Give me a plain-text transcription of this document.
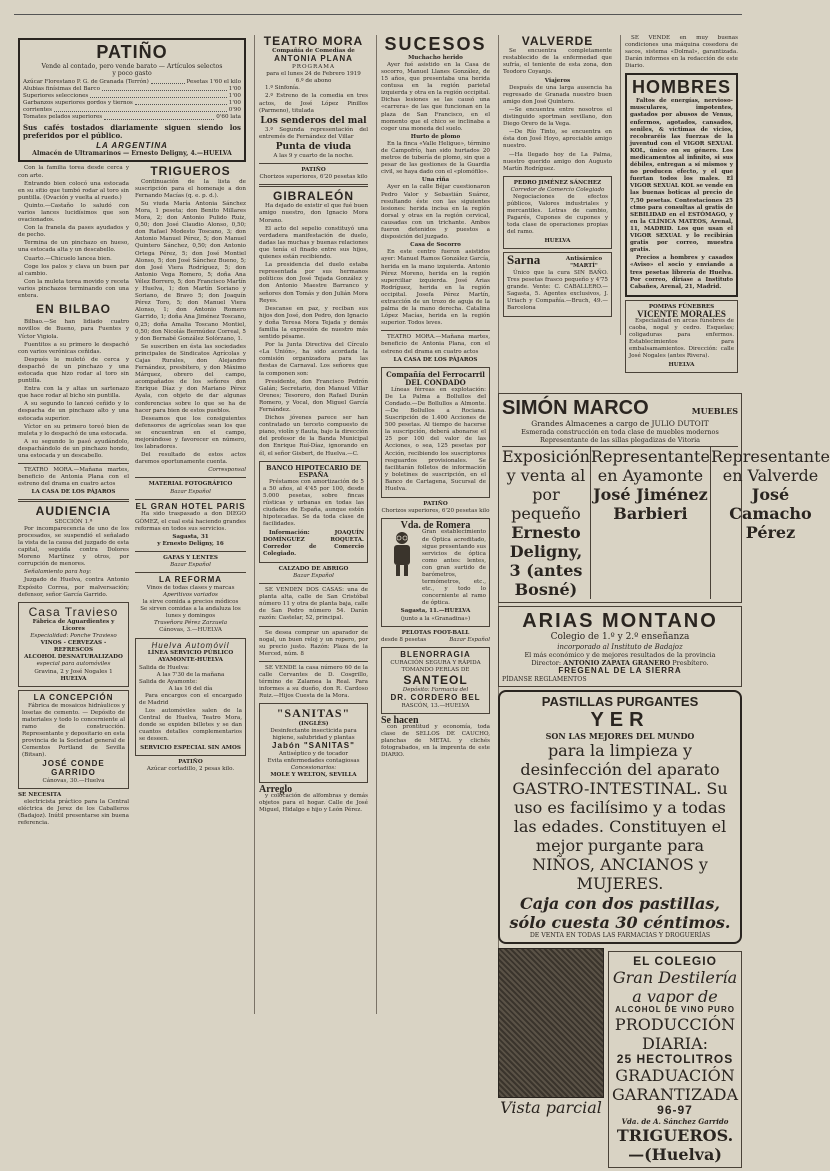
PATIÑO
Vende al contado, pero vende barato — Artículos selectos
y poco gasto
Azúcar Florestano P. G. de Granada (Terrón)	Pesetas 1'60 el kilo
Alubias finísimas del Barco	1'00
Superiores selecciones	1'00
Garbanzos superiores gordos y tiernos	1'00
corrientes	0'90
Tomates pelados superiores	0'60 lata
Sus cafés tostados diariamente siguen siendo los preferidos por el público.
LA ARGENTINA
Almacén de Ultramarinos — Ernesto Deligny, 4.—HUELVA

Con la familia torea desde cerca y con arte.

Entrando bien colocó una estocada en su sitio que tumbó rodar al toro sin puntilla. (Ovación y vuelta al ruedo.)

Quinto.—Castaño lo saludó con varios lances lucidísimos que son ovacionados.

Con la franela da pases ayudados y de pecho.

Termina de un pinchazo en hueso, una estocada alta y un descabello.

Cuarto.—Chicuelo lancea bien.

Coge los palos y clava un buen par al cambio.

Con la muleta torea movido y receta varios pinchazos terminando con una entera.

EN BILBAO

Bilbao.—Se han lidiado cuatro novillos de Bueno, para Fuentes y Víctor Vigiola.

Fuentitos a su primero le despachó con varios verónicas ceñidas.

Después le muletó de cerca y despachó de un pinchazo y una estocada que hizo rodar al toro sin puntilla.

Entra con la y altas un sartenazo que hace rodar al bicho sin puntilla.

A su segundo lo lanceó ceñido y lo despacha de un pinchazo alto y una estocada superior.

Víctor en su primero toreó bien de muleta y lo despachó de una estocada.

A su segundo lo pasó ayudándolo, despachándolo de un pinchazo hondo, una estocada y un descabello.

TEATRO MORA.—Mañana martes, beneficio de Antonia Plana con el estreno del drama en cuatro actos

LA CASA DE LOS PÁJAROS
AUDIENCIA
SECCIÓN 1.ª

Por incomparecencia de uno de los procesados, se suspendió el señalado la vista de la causa del juzgado de esta capital, seguida contra Dolores Moreno Martínez y otros, por corrupción de menores.

Señalamiento para hoy:

Juzgado de Huelva, contra Antonio Expósito Correa, por malversación; defensor, señor García Garrido.

Casa Travieso
Fábrica de Aguardientes y Licores
Especialidad: Ponche Travieso
VINOS - CERVEZAS - REFRESCOS
ALCOHOL DESNATURALIZADO
especial para automóviles
Gravina, 2 y José Nogales 1
HUELVA
LA CONCEPCIÓN

Fábrica de mosaicos hidráulicos y losetas de cemento. — Depósito de materiales y todo lo concerniente al ramo de construcción. Representante y depositario en esta provincia de la Sociedad general de Cementos Portland de Sevilla (Bitsan).

JOSÉ CONDE GARRIDO
Cánovas, 30.—Huelva
SE NECESITA

electricista práctico para la Central eléctrica de Jerez de los Caballeros (Badajoz). Inútil presentarse sin buena referencia.

TRIGUEROS

Continuación de la lista de suscripción para el homenaje a don Fernando Macías (q. e. p. d.).

Su viuda María Antonia Sánchez Mora, 1 peseta; don Benito Millares Mora, 2; don Antonio Pulido Ruiz, 0,50; don José Claudio Alonso, 0,50; don Rafael Modesto Toscano, 3; don Antonio Manuel Pérez, 5; don Manuel Quintero Sánchez, 0,50; don Antonio Ortega Pérez, 5; don José Montiel Alonso, 5; don José Sánchez Bueno, 5; don José Viera Rodríguez, 5; don Antonio Vega Romero, 5; doña Ana Vélez Borrero, 5; don Francisco Martín y Huelva, 1; don Martín Soriano y Soriano, de Bravo 5; don Joaquín Pérez Toro, 5; don Manuel Viera Alonso, 1; don Antonio Romero Garrido, 1; doña Ana Jiménez Toscano, 0,25; doña Amalia Toscano Montiel, 0,50; don Nicolás Bermúdez Correal, 5 y don Bernabé González Solórzano, 1.

Se suscriben en ésta las sociedades principales de Sindicatos Agrícolas y Cajas Rurales, don Alejandro Fernández, presbítero, y don Máximo Márquez, obrero del campo, acompañados de los señores don Enrique Díaz y don Mariano Pérez Ayala, con objeto de dar algunas conferencias sobre lo que se ha de hacer para bien de estos pueblos.

Deseamos que los consiguientes defensores de agrícolas sean los que se encuentran en el campo, mejorándose y favorecer en número, los labradores.

Del resultado de estos actos daremos oportunamente cuenta.

Corresponsal
MATERIAL FOTOGRÁFICO
Bazar Español
EL GRAN HOTEL PARIS

Ha sido traspasado a don DIEGO GÓMEZ, el cual está haciendo grandes reformas en todos sus servicios.

Sagasta, 31
y Ernesto Deligny, 16
GAFAS Y LENTES
Bazar Español
LA REFORMA
Vinos de todas clases y marcas
Aperitivos variados
la sirve comida a precios módicos
Se sirven comidas a la andaluza los lunes y domingos
Traseñora Pérez Zarzuela
Cánovas, 3.—HUELVA
Huelva Automóvil
LÍNEA SERVICIO PÚBLICO AYAMONTE-HUELVA
Salida de Huelva:
A las 7'30 de la mañana
Salida de Ayamonte:
A las 16 del día

Para encargos con el encargado de Madrid

Los automóviles salen de la Central de Huelva, Teatro Mora, donde se expiden billetes y se dan cuantos detalles complementarios se deseen.

SERVICIO ESPECIAL SIN AMOS
PATIÑO
Azúcar cortadillo, 2 pesas kilo.
TEATRO MORA
Compañía de Comedias de
ANTONIA PLANA
PROGRAMA
para el lunes 24 de Febrero 1919
6.º de abono

1.º Sinfonía.

2.º Estreno de la comedia en tres actos, de José López Pinillos (Parmeno), titulada

Los senderos del mal

3.º Segunda representación del entremés de Fernández del Villar

Punta de viuda
A las 9 y cuarto de la noche.
PATIÑO
Chorizos superiores, 6'20 pesetas kilo
GIBRALEÓN

Ha dejado de existir el que fué buen amigo nuestro, don Ignacio Mora Morano.

El acto del sepelio constituyó una verdadera manifestación de duelo, dadas las muchas y buenas relaciones que tenía el finado entre sus hijos, quienes están recibiendo.

La presidencia del duelo estaba representada por sus hermanos políticos don José Tejada González y don Antonio Maestre Barranco y señores don Tomás y don Julián Mora Reyes.

Descanse en paz, y reciban sus hijos don José, don Pedro, don Ignacio y doña Teresa Mora Tejada y demás familia la expresión de nuestro más sentido pésame.

Por la Junta Directiva del Círculo «La Unión», ha sido acordada la comisión organizadora para las fiestas de Carnaval. Los señores que la componen son:

Presidente, don Francisco Pedrón Galán; Secretario, don Manuel Villar Orenes; Tesorero, don Rafael Durán Romero, y Vocal, don Miguel García Fernández.

Dichos jóvenes parece ser han contratado un terceto compuesto de piano, violín y flauta, bajo la dirección del profesor de la Banda Municipal don Enrique Ruí-Díaz, ignorando en él, el señor Gisbert, de Huelva.—C.

BANCO HIPOTECARIO DE ESPAÑA

Préstamos con amortización de 5 a 50 años, al 4'45 por 100, desde 5.000 pesetas, sobre fincas rústicas y urbanas en todas las ciudades de España, aunque estén hipotecadas. Se da toda clase de facilidades.

Información: JOAQUÍN DOMÍNGUEZ ROQUETA. Corredor de Comercio Colegiado.

CALZADO DE ABRIGO
Bazar Español

SE VENDEN DOS CASAS: una de planta alta, calle de San Cristóbal número 11 y otra de planta baja, calle de San Pedro número 54. Darán razón: Castelar, 52, principal.

Se desea comprar un aparador de nogal, un buen reloj y un ropero, por su precio justo. Razón: Plaza de la Merced, núm. 8

SE VENDE la casa número 60 de la calle Cervantes de D. Cosgrillo, término de Zalamea la Real. Para informes a su dueño, don R. Cardoso Ruiz.—Hijos Cuesta de la Mora.

"SANITAS"
(INGLÉS)
Desinfectante insecticida para higiene, salubridad y plantas
Jabón "SANITAS"
Antiséptico y de tocador
Evita enfermedades contagiosas
Concesionarios:
MOLE Y WELTON, SEVILLA
Arreglo

y colocación de alfombras y demás objetos para el hogar. Calle de José Miguel, Hidalgo e hijo y León Pérez.

SUCESOS
Muchacho herido

Ayer fué asistido en la Casa de socorro, Manuel Llanes González, de 15 años, que presentaba una herida contusa en la región parietal izquierda y otra en la región occipital. Dichas lesiones se las causó una «carrera» de las que funcionan en la plaza de San Francisco, en el momento que el chico se inclinaba a coger una moneda del suelo.

Hurto de plomo

En la finca «Valle Heligue», término de Campofrío, han sido hurtados 20 metros de tubería de plomo, sin que a pesar de las gestiones de la Guardia civil, se haya dado con el «plomófilo».

Una riña

Ayer en la calle Béjar cuestionaron Pedro Valor y Sebastián Suárez, resultando éste con las siguientes lesiones: herida incisa en la región dorsal y otras en la región cervical, causadas con un trichante. Ambos fueron detenidos y puestos a disposición del juzgado.

Casa de Socorro

En este centro fueron asistidos ayer: Manuel Ramos González García, herida en la mano izquierda. Antonio Pérez Moreno, herida en la región superciliar izquierda. José Arias Rodríguez, herida en la región occipital. Josefa Pérez Martín, extracción de un trozo de aguja de la palma de la mano derecha. Catalina López Macías, herida en la región superior. Todos leves.

TEATRO MORA.—Mañana martes, beneficio de Antonia Plana, con el estreno del drama en cuatro actos

LA CASA DE LOS PÁJAROS
Compañía del Ferrocarril DEL CONDADO

Líneas férreas en explotación: De La Palma a Bollullos del Condado.—De Bollullos a Almonte.—De Bollullos a Rociana. Suscripción de 1.400 Acciones de 500 pesetas. Al tiempo de hacerse la suscripción, deberá abonarse el 25 por 100 del valor de las Acciones, o sea, 125 pesetas por Acción, recibiendo los suscriptores resguardos provisionales. Se facilitarán folletos de información y boletines de suscripción, en el Banco de Cartagena, Sucursal de Huelva.

PATIÑO
Chorizos superiores, 6'20 pesetas kilo
Vda. de Romera

Gran establecimiento de Óptica acreditado, sigue presentando sus servicios de óptica como antes: lentes, con gran surtido de barómetros, termómetros, etc., etc., y todo lo concerniente al ramo de óptica.

Sagasta, 11.—HUELVA
(junto a la «Granadina»)
PELOTAS FOOT-BALL
desde 8 pesetas	Bazar Español
BLENORRAGIA
CURACIÓN SEGURA Y RÁPIDA TOMANDO PERLAS DE
SANTEOL
Depósito: Farmacia del
DR. CORDERO BEL
RASCÓN, 13.—HUELVA
Se hacen

con prontitud y economía, toda clase de SELLOS DE CAUCHO, planchas de METAL y clichés fotograbados, en la imprenta de este DIARIO.

VALVERDE

Se encuentra completamente restablecido de la enfermedad que sufría, el teniente de esta zona, don Teodoro Coyanjo.

Viajeros

Después de una larga ausencia ha regresado de Granada nuestro buen amigo don José Quintero.

—Se encuentra entre nosotros el distinguido sportman sevillano, don Diego Orero de la Vega.

—De Río Tinto, se encuentra en ésta don José Hoyo, apreciable amigo nuestro.

—Ha llegado hoy de La Palma, nuestro querido amigo don Augusto Martín Rodríguez.

PEDRO JIMÉNEZ SÁNCHEZ
Corredor de Comercio Colegiado

Negociaciones de efectos públicos, Valores industriales y mercantiles. Letras de cambio, Pagarés, Cupones de cupones y toda clase de operaciones propias del ramo.

HUELVA
Sarna	Antisárnico "MARTÍ"

Único que la cura SIN BAÑO. Tres pesetas frasco pequeño y 4'75 grande. Vente: C. CABALLERO.—Sagasta, 5. Agentes exclusivos, J. Uriach y Compañía.—Bruch, 49.—Barcelona

SE VENDE en muy buenas condiciones una máquina cosedora de sacos, sistema «Dolmal», garantizada. Darán informes en la redacción de este Diario.

HOMBRES

Faltos de energías, nervioso-musculares, impotentes, gastados por abusos de Venus, enfermos, agotados, cansados, seniles, & víctimas de vicios, recobraréis las fuerzas de la juventud con el VIGOR SEXUAL KOL, único en su género. Los medicamentos al infinito, si sus débiles, entregan a sí mismos y no producen efecto, y el que fuertan todos los males. El VIGOR SEXUAL KOL se vende en las buenas boticas al precio de 7,50 pesetas. Contestaciones 25 ctmo para consultas al gratis de SEBILIDAD en el ESTÓMAGO, y en la CLÍNICA MATEOS, Arenal, 11, MADRID. Los que usan el VIGOR SEXUAL y lo recibirán gratis por correo, muestra gratis.

Precios a hombres y casados «Aviso» el socio y enviando a tres pesetas librería de Huelva. Por correo, diríase a Instituto Cabañes, Arenal, 21, Madrid.

POMPAS FÚNEBRES
VICENTE MORALES

Especialidad en arcas fúnebres de caoba, nogal y cedro. Esquelas; coligaduras para enfermos. Establecimientos para embalsamamientos. Dirección: calle José Nogales (antes Rivera).

HUELVA
SIMÓN MARCO	MUEBLES
Grandes Almacenes a cargo de JULIO DUTOIT
Esmerada construcción en toda clase de muebles modernos
Representante de las sillas plegadizas de Vitoria
Exposición y venta al por pequeño
Ernesto Deligny, 3 (antes Bosné)
Representante en Ayamonte
José Jiménez Barbieri
Representante en Valverde
José Camacho Pérez
ARIAS MONTANO
Colegio de 1.º y 2.º enseñanza
incorporado al Instituto de Badajoz
El más económico y de mejores resultados de la provincia
Director: ANTONIO ZAPATA GRANERO Presbítero.
FREGENAL DE LA SIERRA
PÍDANSE REGLAMENTOS
PASTILLAS PURGANTES
YER
SON LAS MEJORES DEL MUNDO

para la limpieza y desinfección del aparato GASTRO-INTESTINAL. Su uso es facilísimo y a todas las edades. Constituyen el mejor purgante para NIÑOS, ANCIANOS y MUJERES.

Caja con dos pastillas, sólo cuesta 30 céntimos.
DE VENTA EN TODAS LAS FARMACIAS Y DROGUERÍAS
Vista parcial
EL COLEGIO
Gran Destilería a vapor de
ALCOHOL DE VINO PURO
PRODUCCIÓN DIARIA:
25 HECTOLITROS
GRADUACIÓN GARANTIZADA
96-97
Vda. de A. Sánchez Garrido
TRIGUEROS.—(Huelva)
